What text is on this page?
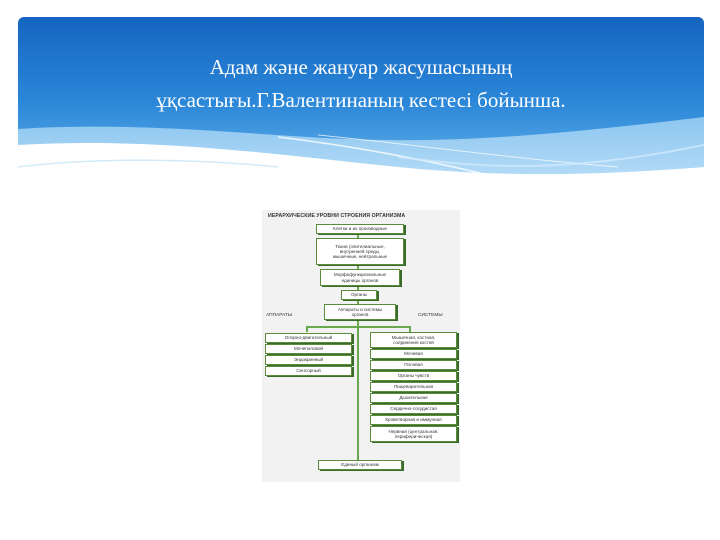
Адам және жануар жасушасының
ұқсастығы.Г.Валентинаның кестесі бойынша.
ИЕРАРХИЧЕСКИЕ УРОВНИ СТРОЕНИЯ ОРГАНИЗМА
Клетки и их производные
Ткани (эпителиальные,
внутренней среды,
мышечные, нейтральные
Морфофункциональные
единицы органов
Органы
Аппараты и системы
органов
АППАРАТЫ	СИСТЕМЫ
Опорно-двигательный
Мочеполовой
Эндокринный
Сенсорный
Мышечная, костная,
соединения костей
Мочевая
Половая
Органы чувств
Пищеварительная
Дыхательная
Сердечно-сосудистая
Кроветворная и иммунная
Нервная (центральная,
периферическая)
Единый организм
